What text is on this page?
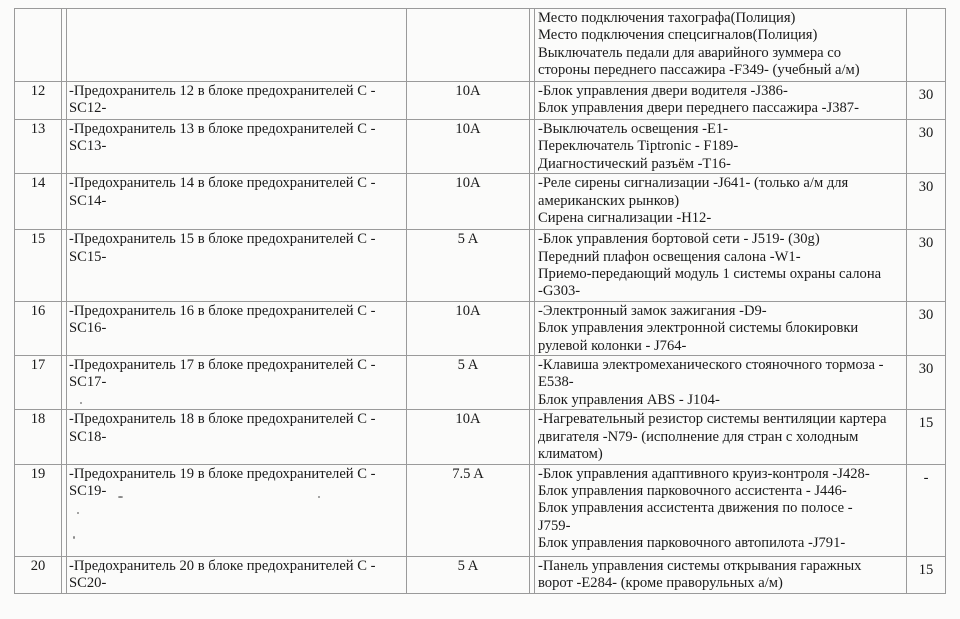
					Место подключения тахографа(Полиция)
Место подключения спецсигналов(Полиция)
Выключатель педали для аварийного зуммера со
стороны переднего пассажира -F349- (учебный а/м)	

12		-Предохранитель 12 в блоке предохранителей С -
SC12-	10A		-Блок управления двери водителя -J386-
Блок управления двери переднего пассажира -J387-	30
13		-Предохранитель 13 в блоке предохранителей С -
SC13-	10A		-Выключатель освещения -E1-
Переключатель Tiptronic - F189-
Диагностический разъём -T16-	30
14		-Предохранитель 14 в блоке предохранителей С -
SC14-	10A		-Реле сирены сигнализации -J641- (только а/м для
американских рынков)
Сирена сигнализации -H12-	30
15		-Предохранитель 15 в блоке предохранителей С -
SC15-	5 A		-Блок управления бортовой сети - J519- (30g)
Передний плафон освещения салона -W1-
Приемо-передающий модуль 1 системы охраны салона
-G303-	30
16		-Предохранитель 16 в блоке предохранителей С -
SC16-	10A		-Электронный замок зажигания -D9-
Блок управления электронной системы блокировки
рулевой колонки - J764-	30
17		-Предохранитель 17 в блоке предохранителей С -
SC17-	5 A		-Клавиша электромеханического стояночного тормоза -
E538-
Блок управления ABS - J104-	30
18		-Предохранитель 18 в блоке предохранителей С -
SC18-	10A		-Нагревательный резистор системы вентиляции картера
двигателя -N79- (исполнение для стран с холодным
климатом)	15
19		-Предохранитель 19 в блоке предохранителей С -
SC19-	7.5 A		-Блок управления адаптивного круиз-контроля -J428-
Блок управления парковочного ассистента - J446-
Блок управления ассистента движения по полосе -
J759-
Блок управления парковочного автопилота -J791-	-
20		-Предохранитель 20 в блоке предохранителей С -
SC20-	5 A		-Панель управления системы открывания гаражных
ворот -E284- (кроме праворульных а/м)	15
